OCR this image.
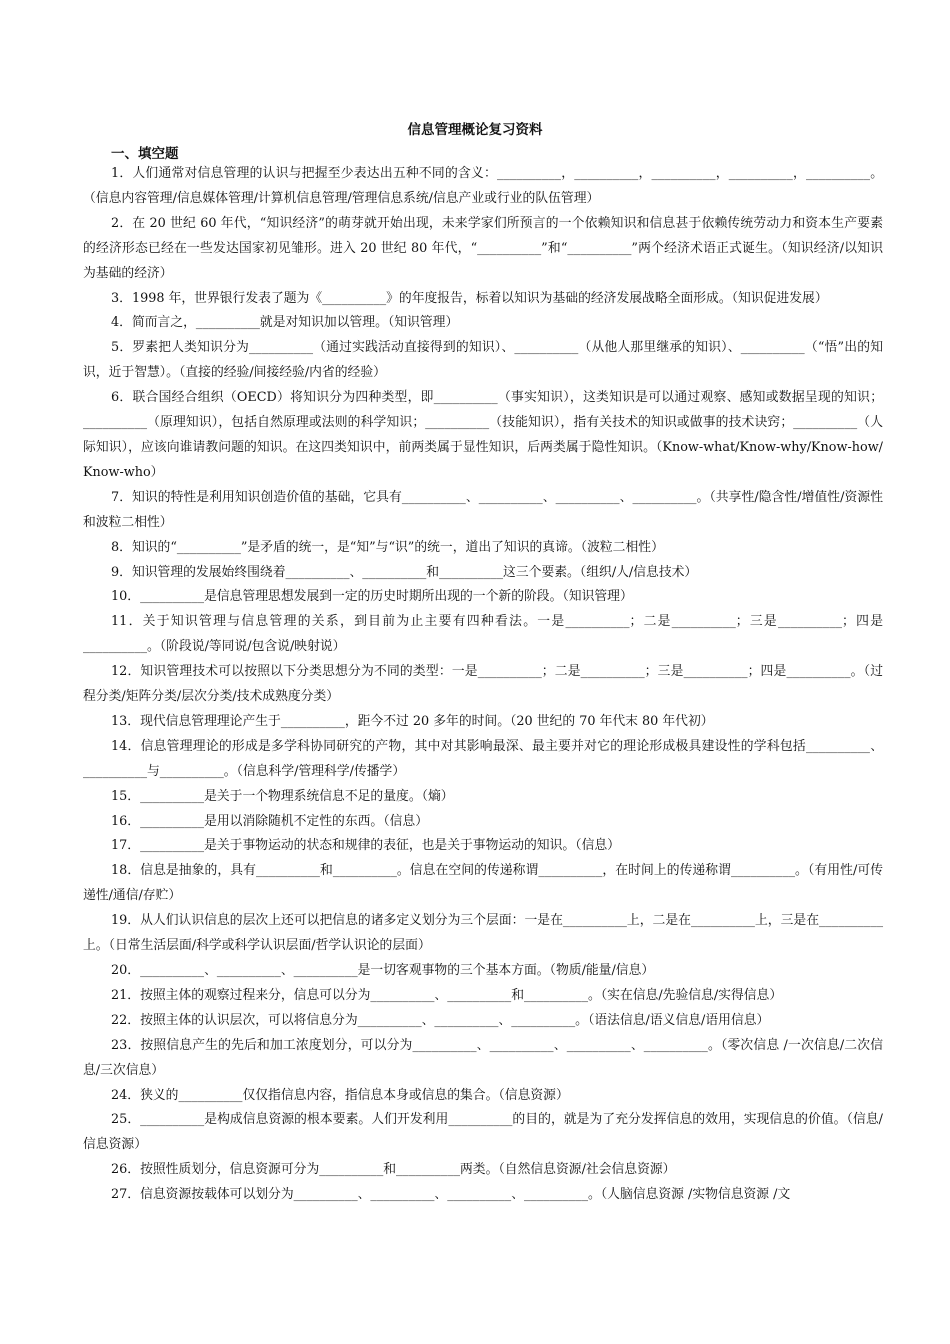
信息管理概论复习资料
一、填空题

1．人们通常对信息管理的认识与把握至少表达出五种不同的含义：__________，__________，__________，__________，__________。（信息内容管理/信息媒体管理/计算机信息管理/管理信息系统/信息产业或行业的队伍管理）

2．在 20 世纪 60 年代，“知识经济”的萌芽就开始出现，未来学家们所预言的一个依赖知识和信息甚于依赖传统劳动力和资本生产要素的经济形态已经在一些发达国家初见雏形。进入 20 世纪 80 年代，“__________”和“__________”两个经济术语正式诞生。（知识经济/以知识为基础的经济）

3．1998 年，世界银行发表了题为《__________》的年度报告，标着以知识为基础的经济发展战略全面形成。（知识促进发展）

4．简而言之，__________就是对知识加以管理。（知识管理）

5．罗素把人类知识分为__________（通过实践活动直接得到的知识）、__________（从他人那里继承的知识）、__________（“悟”出的知识，近于智慧）。（直接的经验/间接经验/内省的经验）

6．联合国经合组织（OECD）将知识分为四种类型，即__________（事实知识），这类知识是可以通过观察、感知或数据呈现的知识；__________（原理知识），包括自然原理或法则的科学知识；__________（技能知识），指有关技术的知识或做事的技术诀窍；__________（人际知识），应该向谁请教问题的知识。在这四类知识中，前两类属于显性知识，后两类属于隐性知识。（Know-what/Know-why/Know-how/ Know-who）

7．知识的特性是利用知识创造价值的基础，它具有__________、__________、__________、__________。（共享性/隐含性/增值性/资源性和波粒二相性）

8．知识的“__________”是矛盾的统一，是“知”与“识”的统一，道出了知识的真谛。（波粒二相性）

9．知识管理的发展始终围绕着__________、__________和__________这三个要素。（组织/人/信息技术）

10．__________是信息管理思想发展到一定的历史时期所出现的一个新的阶段。（知识管理）

11．关于知识管理与信息管理的关系，到目前为止主要有四种看法。一是__________；二是__________；三是__________；四是__________。（阶段说/等同说/包含说/映射说）

12．知识管理技术可以按照以下分类思想分为不同的类型：一是__________；二是__________；三是__________；四是__________。（过程分类/矩阵分类/层次分类/技术成熟度分类）

13．现代信息管理理论产生于__________，距今不过 20 多年的时间。（20 世纪的 70 年代末 80 年代初）

14．信息管理理论的形成是多学科协同研究的产物，其中对其影响最深、最主要并对它的理论形成极具建设性的学科包括__________、__________与__________。（信息科学/管理科学/传播学）

15．__________是关于一个物理系统信息不足的量度。（熵）

16．__________是用以消除随机不定性的东西。（信息）

17．__________是关于事物运动的状态和规律的表征，也是关于事物运动的知识。（信息）

18．信息是抽象的，具有__________和__________。信息在空间的传递称谓__________，在时间上的传递称谓__________。（有用性/可传递性/通信/存贮）

19．从人们认识信息的层次上还可以把信息的诸多定义划分为三个层面：一是在__________上，二是在__________上，三是在__________上。（日常生活层面/科学或科学认识层面/哲学认识论的层面）

20．__________、__________、__________是一切客观事物的三个基本方面。（物质/能量/信息）

21．按照主体的观察过程来分，信息可以分为__________、__________和__________。（实在信息/先验信息/实得信息）

22．按照主体的认识层次，可以将信息分为__________、__________、__________。（语法信息/语义信息/语用信息）

23．按照信息产生的先后和加工浓度划分，可以分为__________、__________、__________、__________。（零次信息 /一次信息/二次信息/三次信息）

24．狭义的__________仅仅指信息内容，指信息本身或信息的集合。（信息资源）

25．__________是构成信息资源的根本要素。人们开发利用__________的目的，就是为了充分发挥信息的效用，实现信息的价值。（信息/信息资源）

26．按照性质划分，信息资源可分为__________和__________两类。（自然信息资源/社会信息资源）

27．信息资源按载体可以划分为__________、__________、__________、__________。（人脑信息资源 /实物信息资源 /文
